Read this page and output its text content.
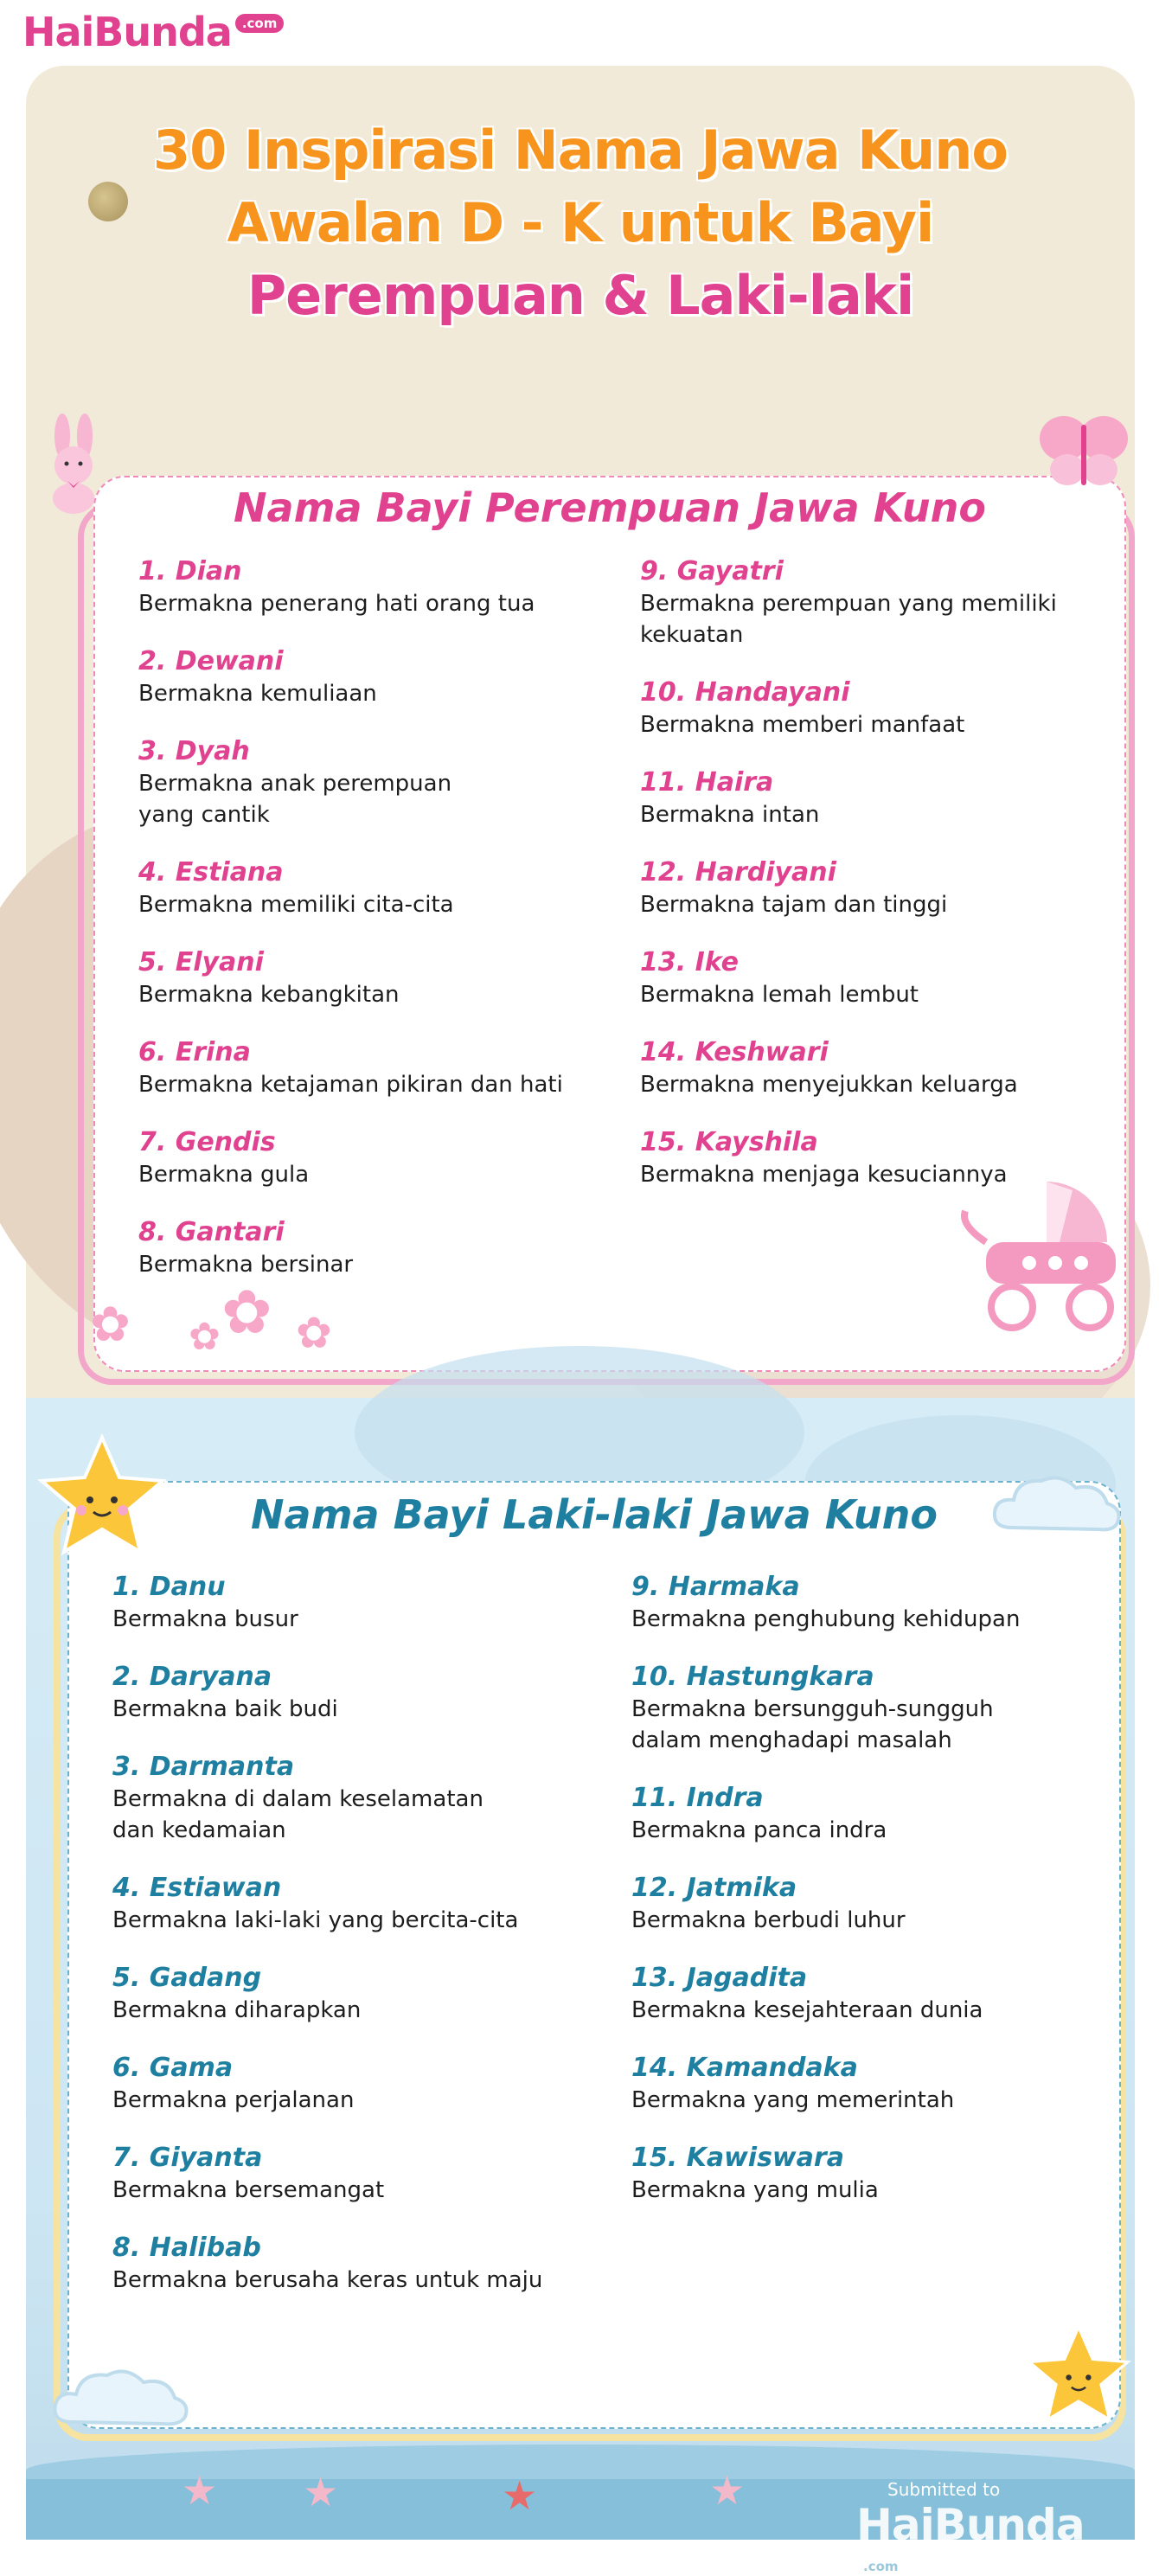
HaiBunda .com
30 Inspirasi Nama Jawa Kuno
Awalan D - K untuk Bayi
Perempuan & Laki-laki
Nama Bayi Perempuan Jawa Kuno
1. Dian
Bermakna penerang hati orang tua
2. Dewani
Bermakna kemuliaan
3. Dyah
Bermakna anak perempuan
yang cantik
4. Estiana
Bermakna memiliki cita-cita
5. Elyani
Bermakna kebangkitan
6. Erina
Bermakna ketajaman pikiran dan hati
7. Gendis
Bermakna gula
8. Gantari
Bermakna bersinar
9. Gayatri
Bermakna perempuan yang memiliki
kekuatan
10. Handayani
Bermakna memberi manfaat
11. Haira
Bermakna intan
12. Hardiyani
Bermakna tajam dan tinggi
13. Ike
Bermakna lemah lembut
14. Keshwari
Bermakna menyejukkan keluarga
15. Kayshila
Bermakna menjaga kesuciannya
✿ ✿
✿ ✿
Nama Bayi Laki-laki Jawa Kuno
1. Danu
Bermakna busur
2. Daryana
Bermakna baik budi
3. Darmanta
Bermakna di dalam keselamatan
dan kedamaian
4. Estiawan
Bermakna laki-laki yang bercita-cita
5. Gadang
Bermakna diharapkan
6. Gama
Bermakna perjalanan
7. Giyanta
Bermakna bersemangat
8. Halibab
Bermakna berusaha keras untuk maju
9. Harmaka
Bermakna penghubung kehidupan
10. Hastungkara
Bermakna bersungguh-sungguh
dalam menghadapi masalah
11. Indra
Bermakna panca indra
12. Jatmika
Bermakna berbudi luhur
13. Jagadita
Bermakna kesejahteraan dunia
14. Kamandaka
Bermakna yang memerintah
15. Kawiswara
Bermakna yang mulia
★ ★	★	★	Submitted to
HaiBunda.com
